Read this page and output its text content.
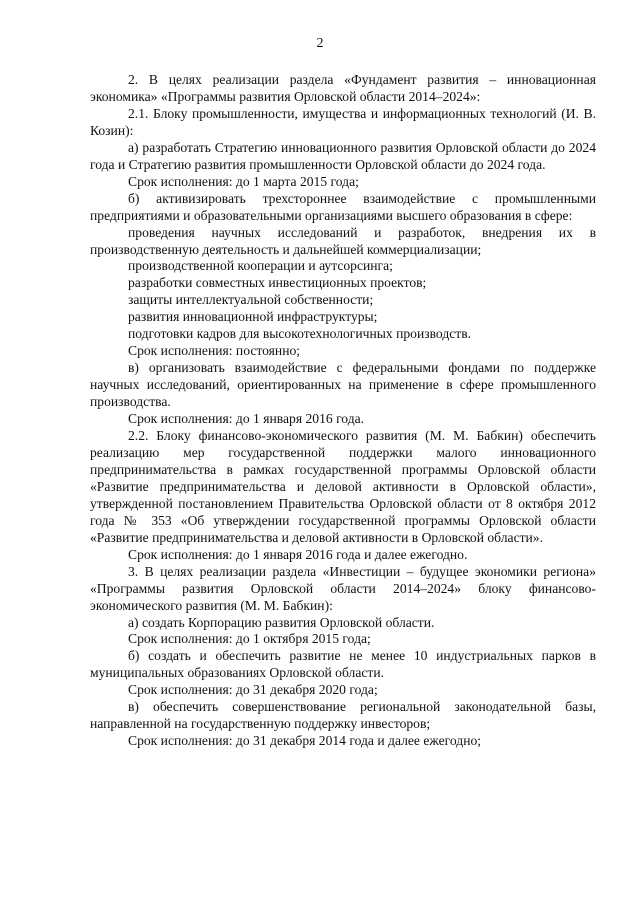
2

2. В целях реализации раздела «Фундамент развития – инновационная экономика» «Программы развития Орловской области 2014–2024»:

2.1. Блоку промышленности, имущества и информационных технологий (И. В. Козин):

а) разработать Стратегию инновационного развития Орловской области до 2024 года и Стратегию развития промышленности Орловской области до 2024 года.

Срок исполнения: до 1 марта 2015 года;

б) активизировать трехстороннее взаимодействие с промышленными предприятиями и образовательными организациями высшего образования в сфере:

проведения научных исследований и разработок, внедрения их в производственную деятельность и дальнейшей коммерциализации;

производственной кооперации и аутсорсинга;

разработки совместных инвестиционных проектов;

защиты интеллектуальной собственности;

развития инновационной инфраструктуры;

подготовки кадров для высокотехнологичных производств.

Срок исполнения: постоянно;

в) организовать взаимодействие с федеральными фондами по поддержке научных исследований, ориентированных на применение в сфере промышленного производства.

Срок исполнения: до 1 января 2016 года.

2.2. Блоку финансово-экономического развития (М. М. Бабкин) обеспечить реализацию мер государственной поддержки малого инновационного предпринимательства в рамках государственной программы Орловской области «Развитие предпринимательства и деловой активности в Орловской области», утвержденной постановлением Правительства Орловской области от 8 октября 2012 года № 353 «Об утверждении государственной программы Орловской области «Развитие предпринимательства и деловой активности в Орловской области».

Срок исполнения: до 1 января 2016 года и далее ежегодно.

3. В целях реализации раздела «Инвестиции – будущее экономики региона» «Программы развития Орловской области 2014–2024» блоку финансово-экономического развития (М. М. Бабкин):

а) создать Корпорацию развития Орловской области.

Срок исполнения: до 1 октября 2015 года;

б) создать и обеспечить развитие не менее 10 индустриальных парков в муниципальных образованиях Орловской области.

Срок исполнения: до 31 декабря 2020 года;

в) обеспечить совершенствование региональной законодательной базы, направленной на государственную поддержку инвесторов;

Срок исполнения: до 31 декабря 2014 года и далее ежегодно;
